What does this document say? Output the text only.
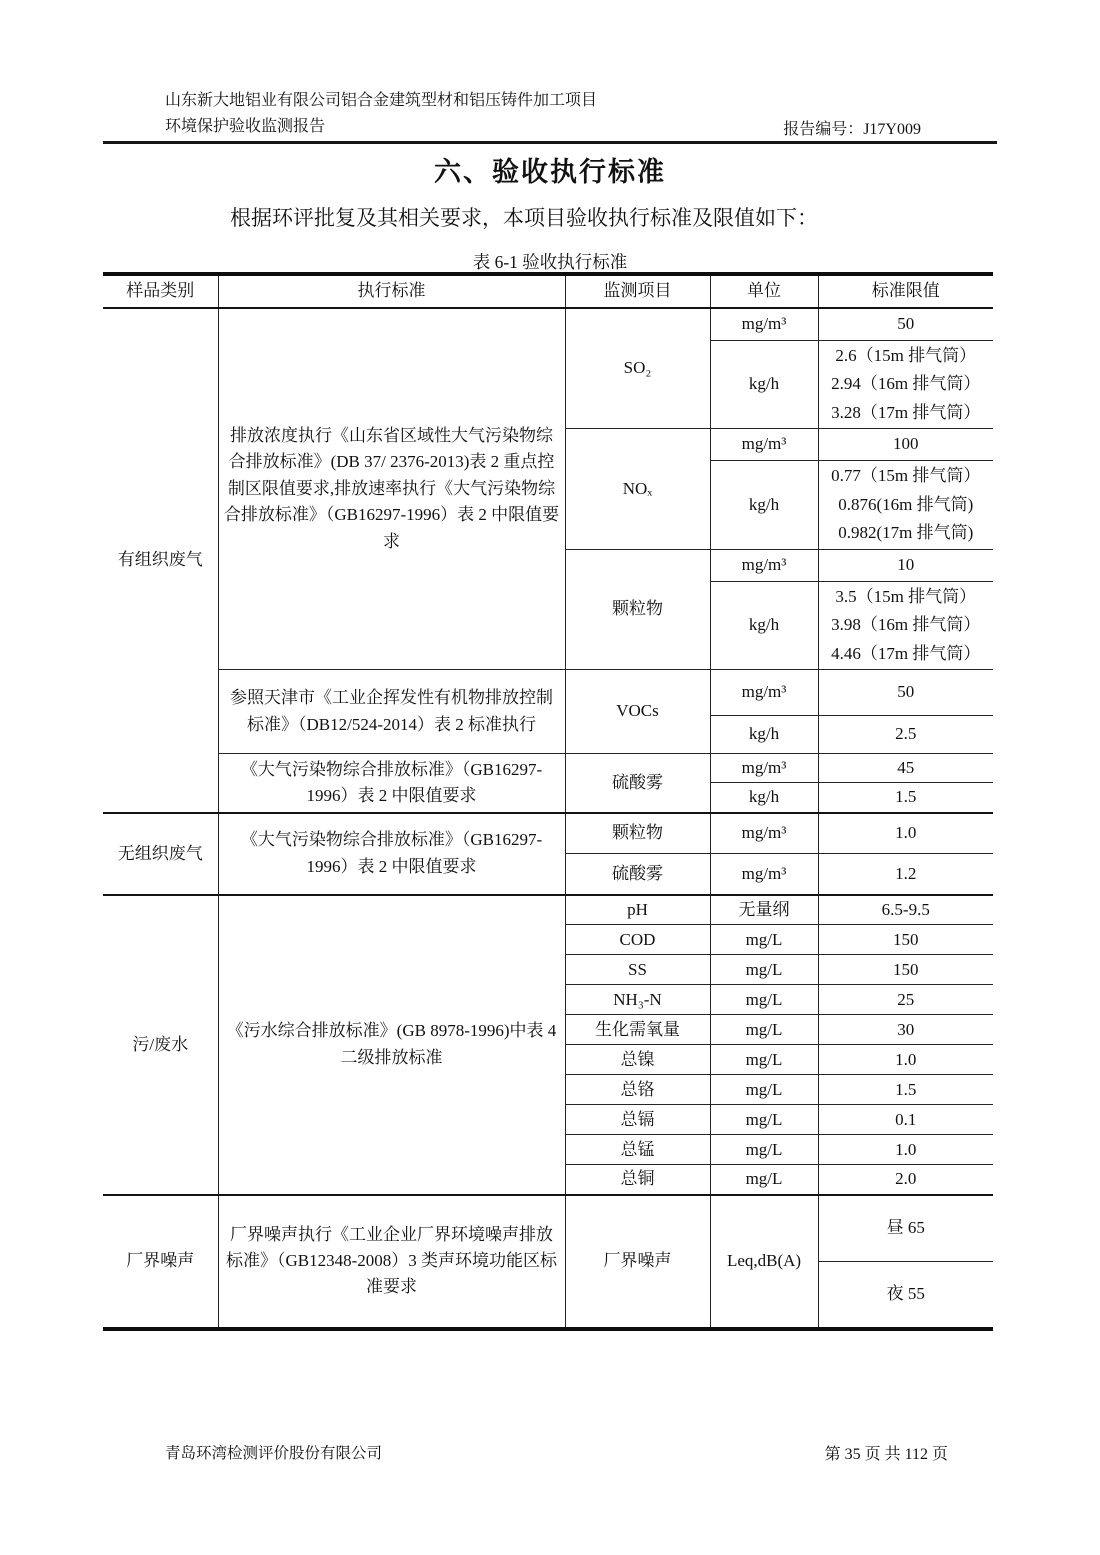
山东新大地铝业有限公司铝合金建筑型材和铝压铸件加工项目
环境保护验收监测报告	报告编号：J17Y009
六、验收执行标准

根据环评批复及其相关要求，本项目验收执行标准及限值如下：

表 6-1 验收执行标准
样品类别	执行标准	监测项目	单位	标准限值
有组织废气	排放浓度执行《山东省区域性大气污染物综合排放标准》(DB 37/ 2376-2013)表 2 重点控制区限值要求,排放速率执行《大气污染物综合排放标准》（GB16297-1996）表 2 中限值要求	SO₂	mg/m³	50
			kg/h	2.6（15m 排气筒）
2.94（16m 排气筒）
3.28（17m 排气筒）

		NOₓ	mg/m³	100
			kg/h	0.77（15m 排气筒）
0.876(16m 排气筒)
0.982(17m 排气筒)

		颗粒物	mg/m³	10
			kg/h	3.5（15m 排气筒）
3.98（16m 排气筒）
4.46（17m 排气筒）

	参照天津市《工业企挥发性有机物排放控制标准》（DB12/524-2014）表 2 标准执行	VOCs	mg/m³	50
			kg/h	2.5
	《大气污染物综合排放标准》（GB16297-1996）表 2 中限值要求	硫酸雾	mg/m³	45
			kg/h	1.5
无组织废气	《大气污染物综合排放标准》（GB16297-1996）表 2 中限值要求	颗粒物	mg/m³	1.0
		硫酸雾	mg/m³	1.2
污/废水	《污水综合排放标准》(GB 8978-1996)中表 4 二级排放标准	pH	无量纲	6.5-9.5
		COD	mg/L	150
		SS	mg/L	150
		NH₃-N	mg/L	25
		生化需氧量	mg/L	30
		总镍	mg/L	1.0
		总铬	mg/L	1.5
		总镉	mg/L	0.1
		总锰	mg/L	1.0
		总铜	mg/L	2.0
厂界噪声	厂界噪声执行《工业企业厂界环境噪声排放标准》（GB12348-2008）3 类声环境功能区标准要求	厂界噪声	Leq,dB(A)	昼 65
				夜 55
青岛环湾检测评价股份有限公司	第 35 页 共 112 页
